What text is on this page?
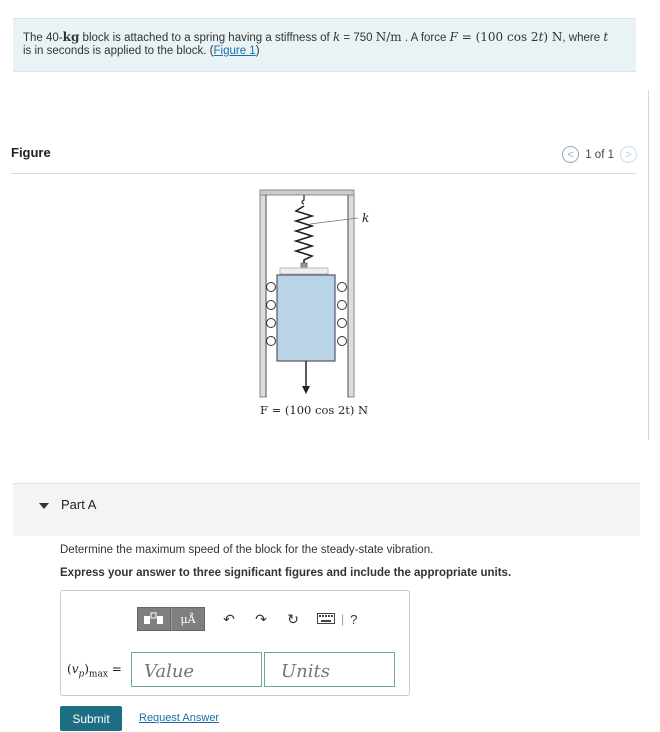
The 40-kg block is attached to a spring having a stiffness of k = 750 N/m . A force F = (100 cos 2t) N, where t
is in seconds is applied to the block. (Figure 1)
Figure	< 1 of 1	>
k
F = (100 cos 2t) N
Part A
Determine the maximum speed of the block for the steady-state vibration.
Express your answer to three significant figures and include the appropriate units.
μÅ ↶ ↷ ↻	| ?
$(v_p)_{max}$ =
Value
Units
Submit	Request Answer
